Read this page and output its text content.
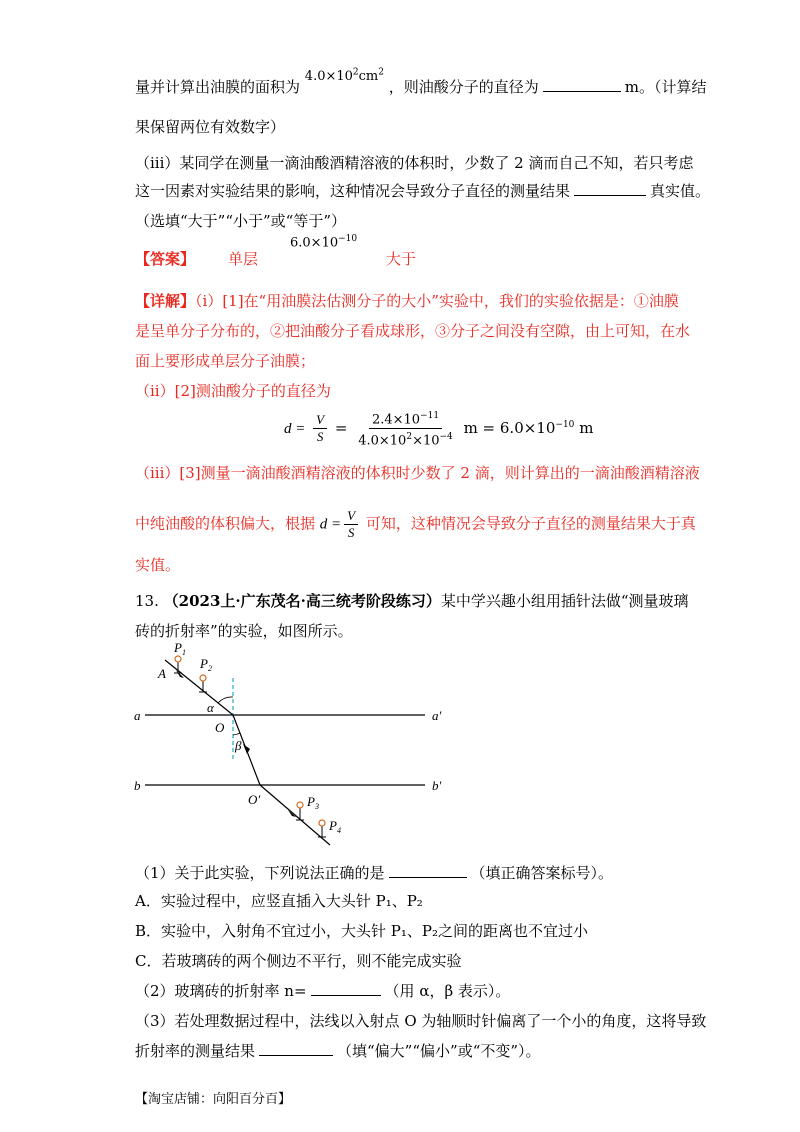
量并计算出油膜的面积为 $4.0\times 10^2cm^2$ ，则油酸分子的直径为	m。（计算结
果保留两位有效数字）
（iii）某同学在测量一滴油酸酒精溶液的体积时，少数了 2 滴而自己不知，若只考虑
这一因素对实验结果的影响，这种情况会导致分子直径的测量结果	真实值。
（选填“大于”“小于”或“等于”）
【答案】 单层
$6.0\times 10^{-10}$
大于
【详解】（i）[1]在“用油膜法估测分子的大小”实验中，我们的实验依据是：①油膜
是呈单分子分布的，②把油酸分子看成球形，③分子之间没有空隙，由上可知，在水
面上要形成单层分子油膜；
（ii）[2]测油酸分子的直径为
$d = \frac{V}{S} = \frac{2.4\times 10^{-11}}{4.0\times 10^2\times 10^{-4}}$ $m = 6.0\times 10^{-10}$ m
（iii）[3]测量一滴油酸酒精溶液的体积时少数了 2 滴，则计算出的一滴油酸酒精溶液
中纯油酸的体积偏大，根据 $d = \frac{V}{S}$ 可知，这种情况会导致分子直径的测量结果大于真
实值。
13. （2023上·广东茂名·高三统考阶段练习）某中学兴趣小组用插针法做“测量玻璃
砖的折射率”的实验，如图所示。
$P_1$
$P_2$
$P_3$
$P_4$
A
a	a′
α
O
β
b	b′
O′
（1）关于此实验，下列说法正确的是	（填正确答案标号）。
A．实验过程中，应竖直插入大头针 P₁、P₂
B．实验中，入射角不宜过小，大头针 P₁、P₂之间的距离也不宜过小
C．若玻璃砖的两个侧边不平行，则不能完成实验
（2）玻璃砖的折射率 n=	（用 α，β 表示）。
（3）若处理数据过程中，法线以入射点 O 为轴顺时针偏离了一个小的角度，这将导致
折射率的测量结果	（填“偏大”“偏小”或“不变”）。
【淘宝店铺：向阳百分百】
